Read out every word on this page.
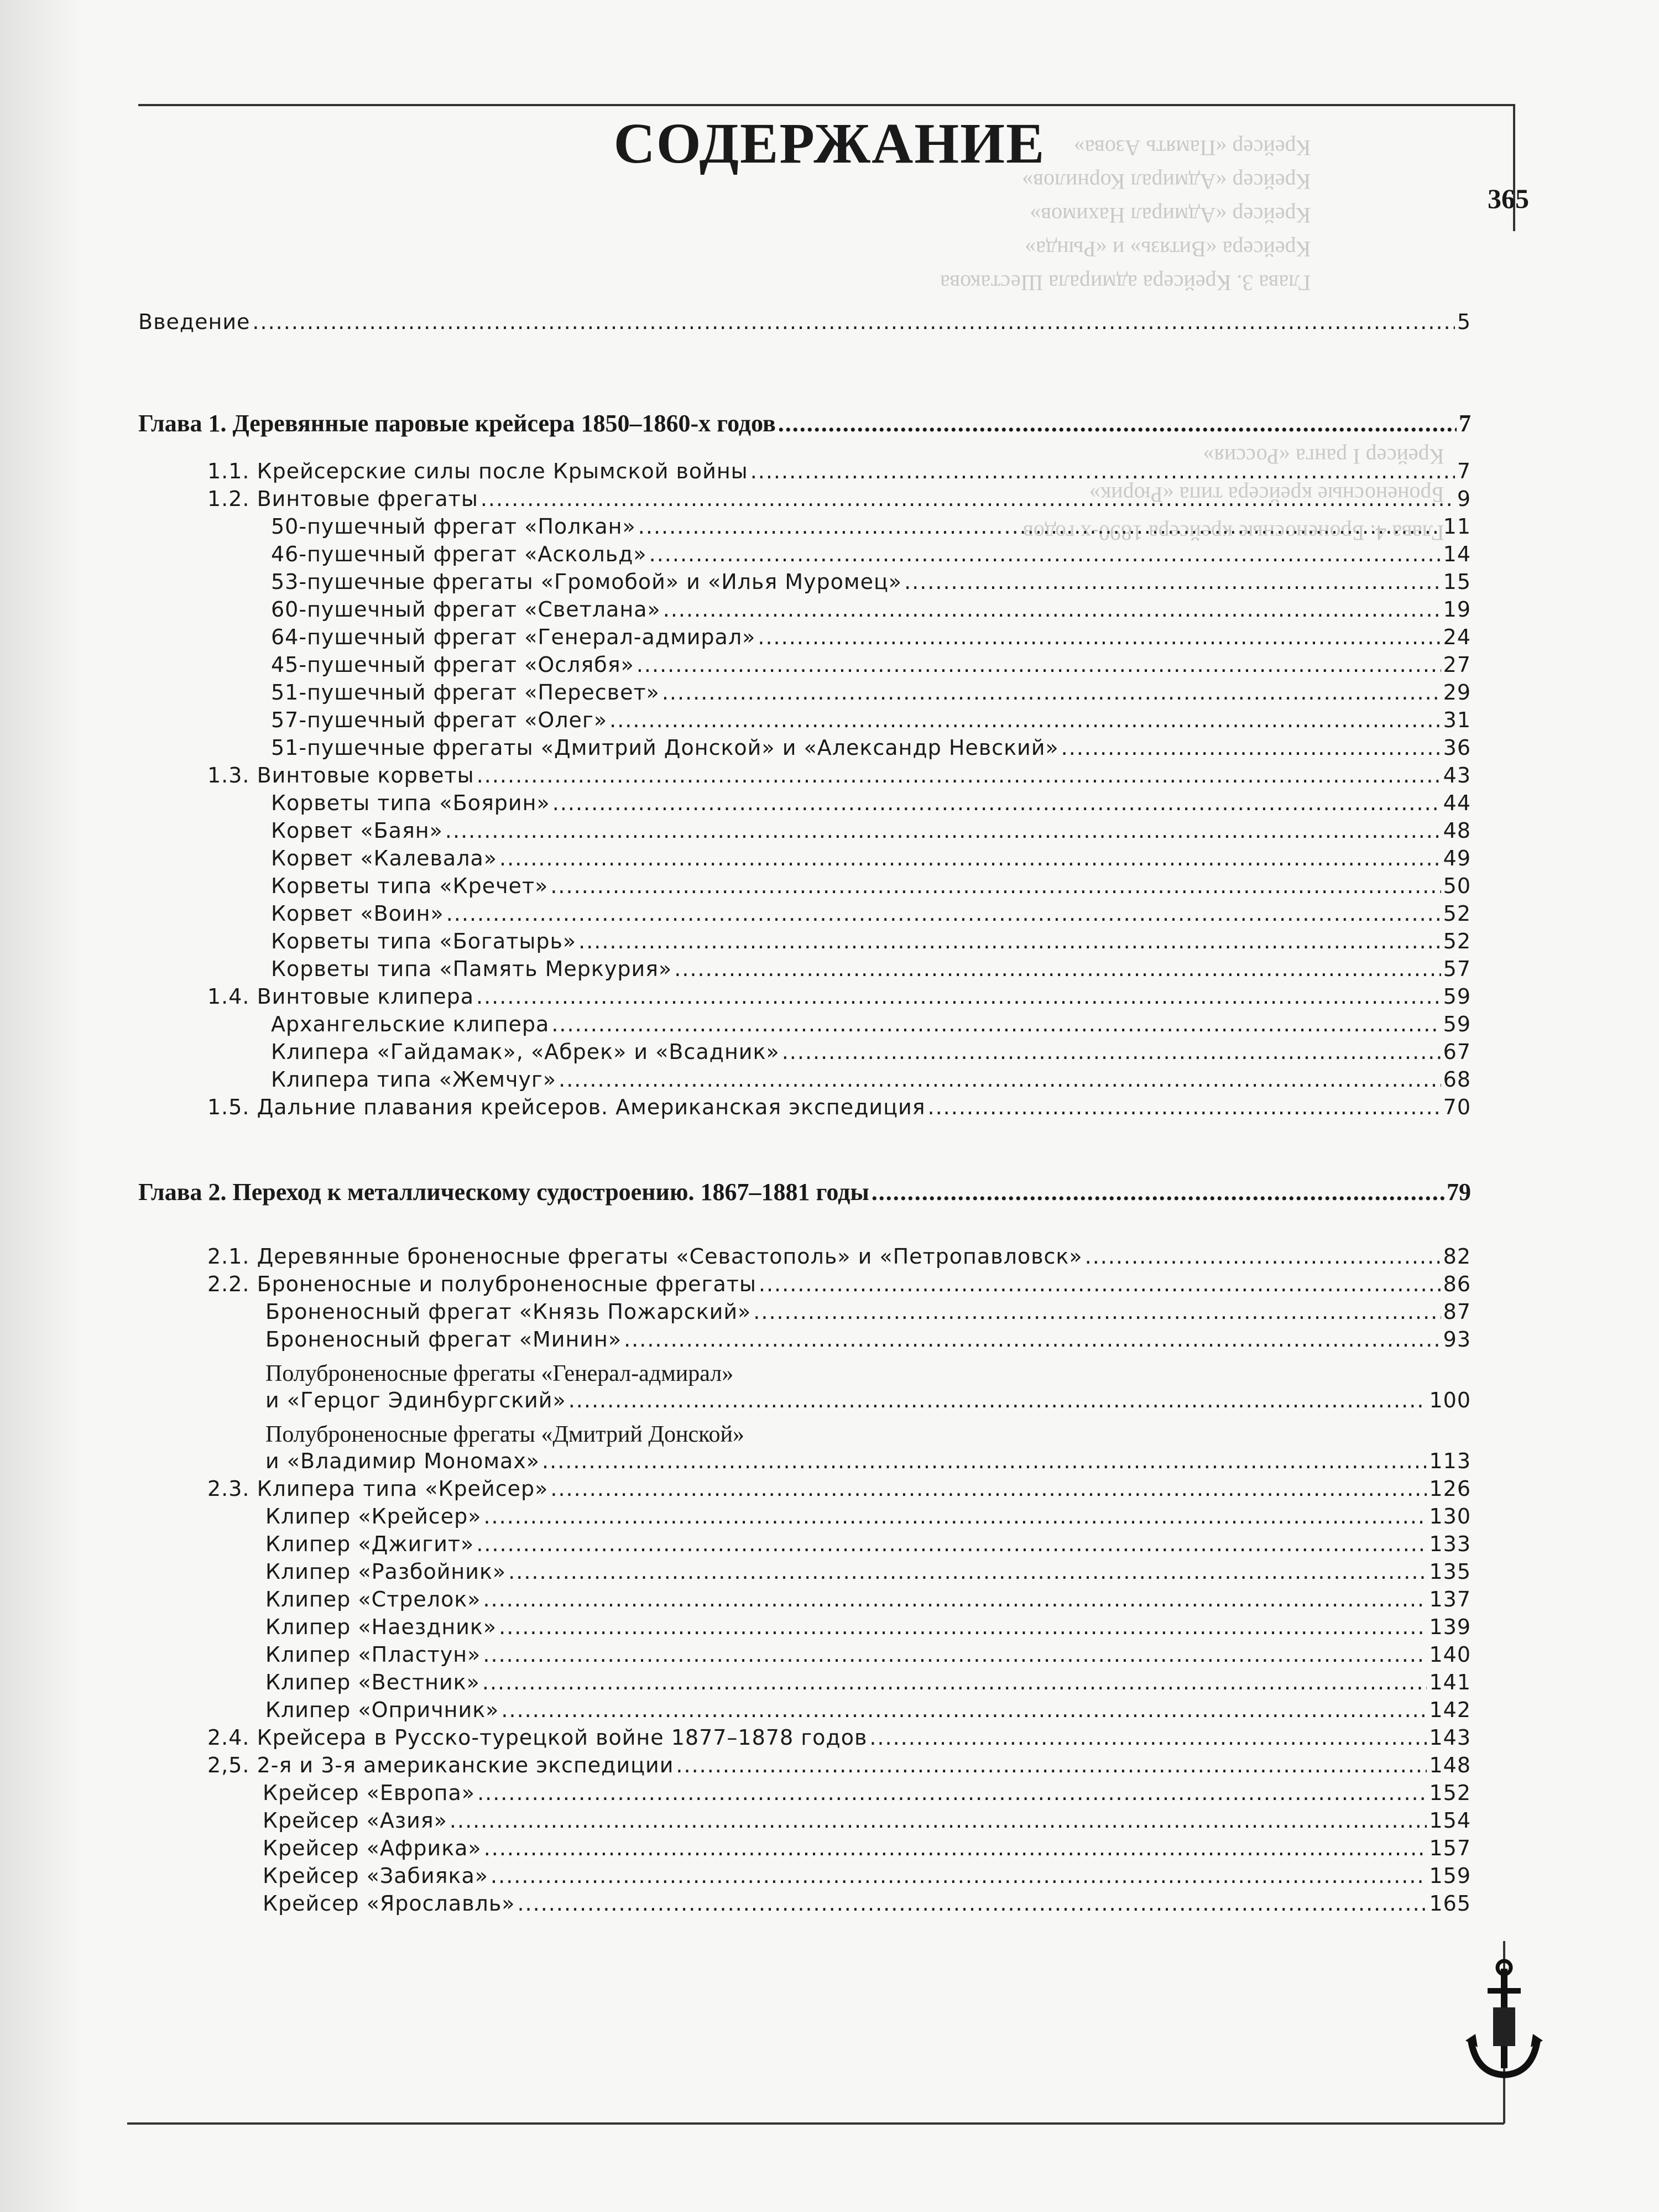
Глава 3. Крейсера адмирала Шестакова
Крейсера «Витязь» и «Рында»
Крейсер «Адмирал Нахимов»
Крейсер «Адмирал Корнилов»
Крейсер «Память Азова»
Глава 4. Броненосные крейсера 1890-х годов
Броненосные крейсера типа «Рюрик»
Крейсер I ранга «Россия»
СОДЕРЖАНИЕ
365
Введение .....	5
Глава 1. Деревянные паровые крейсера 1850–1860-х годов .....	7
1.1. Крейсерские силы после Крымской войны .....	7
1.2. Винтовые фрегаты .....	9
50-пушечный фрегат «Полкан» .....	11
46-пушечный фрегат «Аскольд» .....	14
53-пушечные фрегаты «Громобой» и «Илья Муромец» .....	15
60-пушечный фрегат «Светлана» .....	19
64-пушечный фрегат «Генерал-адмирал» .....	24
45-пушечный фрегат «Ослябя» .....	27
51-пушечный фрегат «Пересвет» .....	29
57-пушечный фрегат «Олег» .....	31
51-пушечные фрегаты «Дмитрий Донской» и «Александр Невский» .....	36
1.3. Винтовые корветы .....	43
Корветы типа «Боярин» .....	44
Корвет «Баян» .....	48
Корвет «Калевала» .....	49
Корветы типа «Кречет» .....	50
Корвет «Воин» .....	52
Корветы типа «Богатырь» .....	52
Корветы типа «Память Меркурия» .....	57
1.4. Винтовые клипера .....	59
Архангельские клипера .....	59
Клипера «Гайдамак», «Абрек» и «Всадник» .....	67
Клипера типа «Жемчуг» .....	68
1.5. Дальние плавания крейсеров. Американская экспедиция .....	70
Глава 2. Переход к металлическому судостроению. 1867–1881 годы .....	79
2.1. Деревянные броненосные фрегаты «Севастополь» и «Петропавловск» .....	82
2.2. Броненосные и полуброненосные фрегаты .....	86
Броненосный фрегат «Князь Пожарский» .....	87
Броненосный фрегат «Минин» .....	93
Полуброненосные фрегаты «Генерал-адмирал»
и «Герцог Эдинбургский» .....	100
Полуброненосные фрегаты «Дмитрий Донской»
и «Владимир Мономах» .....	113
2.3. Клипера типа «Крейсер» .....	126
Клипер «Крейсер» .....	130
Клипер «Джигит» .....	133
Клипер «Разбойник» .....	135
Клипер «Стрелок» .....	137
Клипер «Наездник» .....	139
Клипер «Пластун» .....	140
Клипер «Вестник» .....	141
Клипер «Опричник» .....	142
2.4. Крейсера в Русско-турецкой войне 1877–1878 годов .....	143
2,5. 2-я и 3-я американские экспедиции .....	148
Крейсер «Европа» .....	152
Крейсер «Азия» .....	154
Крейсер «Африка» .....	157
Крейсер «Забияка» .....	159
Крейсер «Ярославль» .....	165
